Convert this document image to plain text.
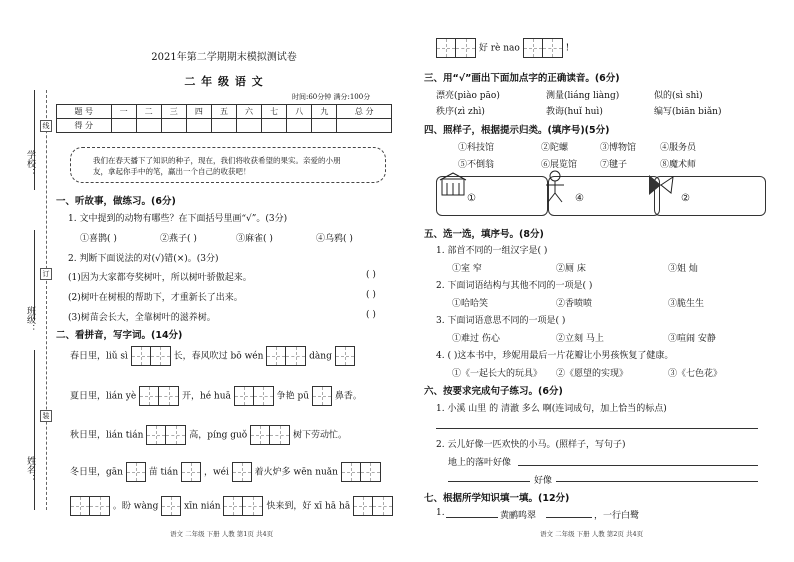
学校：
班级：
姓名：
线
订
装
2021年第二学期期末模拟测试卷
二 年 级 语 文
时间:60分钟 满分:100分
题 号	一	二	三	四	五	六	七	八	九	总 分
得 分										
我们在春天播下了知识的种子，现在，我们将收获希望的果实。亲爱的小朋
友，拿起你手中的笔，赢出一个自己的收获吧！
一、听故事，做练习。(6分)
1. 文中提到的动物有哪些？在下面括号里画“√”。(3分)
①喜鹊( )	②燕子( )	③麻雀( )	④乌鸦( )
2. 判断下面说法的对(√)错(×)。(3分)
(1)因为大家都夸奖树叶，所以树叶骄傲起来。	( )
(2)树叶在树根的帮助下，才重新长了出来。	( )
(3)树苗会长大，全靠树叶的滋养树。	( )
二、看拼音，写字词。(14分)
春日里，liǔ sì	长，春风吹过 bō wén	dàng
夏日里，lián yè	开，hé huā	争艳 pū	鼻香。
秋日里，lián tián	高，píng guǒ	树下劳动忙。
冬日里，gān	苗 tián	，wéi	着火炉多 wēn nuǎn
。盼 wàng	xīn nián	快来到，好 xī hā hā
语文 二年级 下册 人教 第1页 共4页
好 rè nao	!
三、用“√”画出下面加点字的正确读音。(6分)
漂亮(piào pāo)	测量(liáng liàng)	似的(sì shì)
秩序(zì zhì)	教诲(huǐ huì)	编写(biān biǎn)
四、照样子，根据提示归类。(填序号)(5分)
①科技馆	②陀螺	③博物馆	④服务员
⑤不倒翁	⑥展览馆	⑦毽子	⑧魔术师
①	④	②
五、选一选，填序号。(8分)
1. 部首不同的一组汉字是( )
①室 窄	②厕 床	③姐 灿
2. 下面词语结构与其他不同的一项是( )
①哈哈笑	②香喷喷	③脆生生
3. 下面词语意思不同的一项是( )
①难过 伤心	②立刻 马上	③喧闹 安静
4. ( )这本书中，珍妮用最后一片花瓣让小男孩恢复了健康。
①《一起长大的玩具》 ②《愿望的实现》	③《七色花》
六、按要求完成句子练习。(6分)
1. 小溪 山里 的 清澈 多么 啊(连词成句，加上恰当的标点)
2. 云儿好像一匹欢快的小马。(照样子，写句子)
地上的落叶好像
好像
七、根据所学知识填一填。(12分)
1.	黄鹂鸣翠	，一行白鹭
语文 二年级 下册 人教 第2页 共4页
